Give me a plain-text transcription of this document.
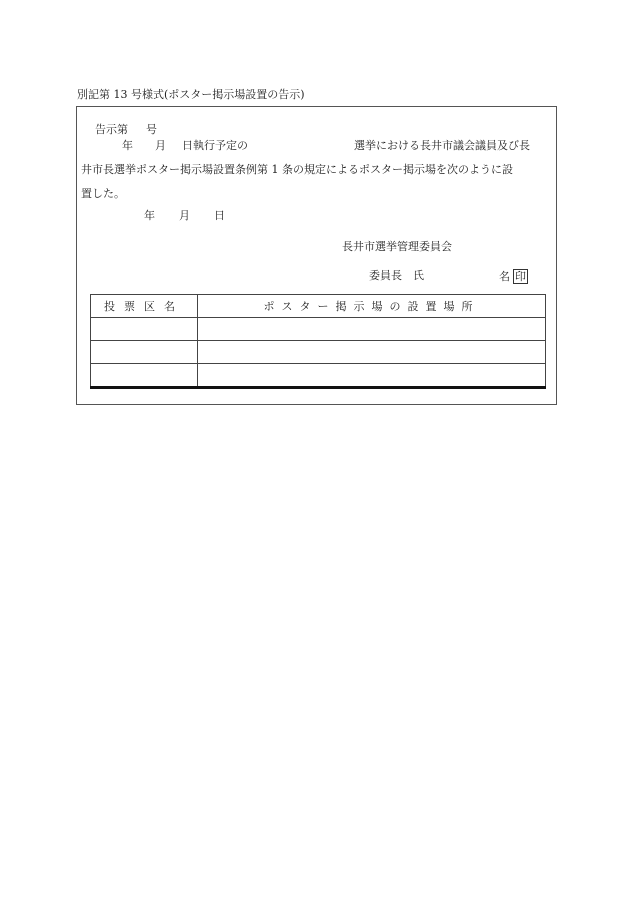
別記第 13 号様式(ポスター掲示場設置の告示)
告示第 号
年 月 日執行予定の	選挙における長井市議会議員及び長
井市長選挙ポスター掲示場設置条例第 1 条の規定によるポスター掲示場を次のように設
置した。
年 月 日
長井市選挙管理委員会
委員長　氏	名 印
投票区名	ポスター掲示場の設置場所
